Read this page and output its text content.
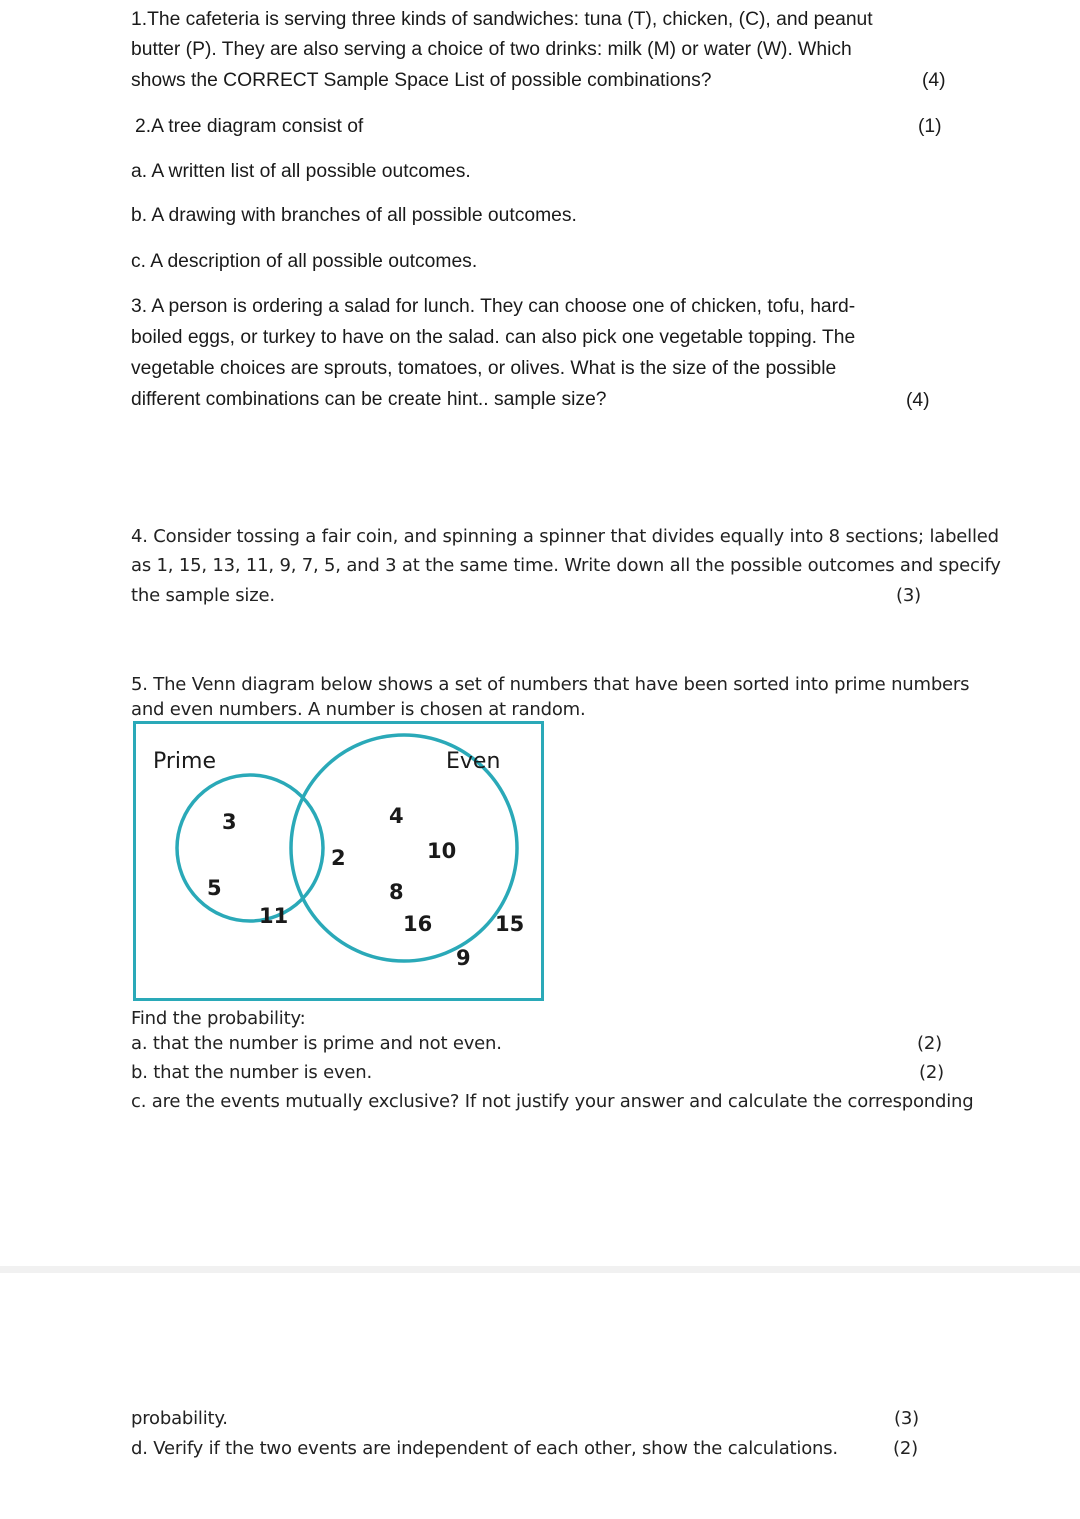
1.The cafeteria is serving three kinds of sandwiches: tuna (T), chicken, (C), and peanut
butter (P). They are also serving a choice of two drinks: milk (M) or water (W). Which
shows the CORRECT Sample Space List of possible combinations?	(4)
2.A tree diagram consist of	(1)
a. A written list of all possible outcomes.
b. A drawing with branches of all possible outcomes.
c. A description of all possible outcomes.
3. A person is ordering a salad for lunch. They can choose one of chicken, tofu, hard-
boiled eggs, or turkey to have on the salad. can also pick one vegetable topping. The
vegetable choices are sprouts, tomatoes, or olives. What is the size of the possible
different combinations can be create hint.. sample size?	(4)
4. Consider tossing a fair coin, and spinning a spinner that divides equally into 8 sections; labelled
as 1, 15, 13, 11, 9, 7, 5, and 3 at the same time. Write down all the possible outcomes and specify
the sample size.	(3)
5. The Venn diagram below shows a set of numbers that have been sorted into prime numbers
and even numbers. A number is chosen at random.
Prime	Even
3
5
11
2
4
10
8
16
9
15
Find the probability:
a. that the number is prime and not even.	(2)
b. that the number is even.	(2)
c. are the events mutually exclusive? If not justify your answer and calculate the corresponding
probability.	(3)
d. Verify if the two events are independent of each other, show the calculations.	(2)
